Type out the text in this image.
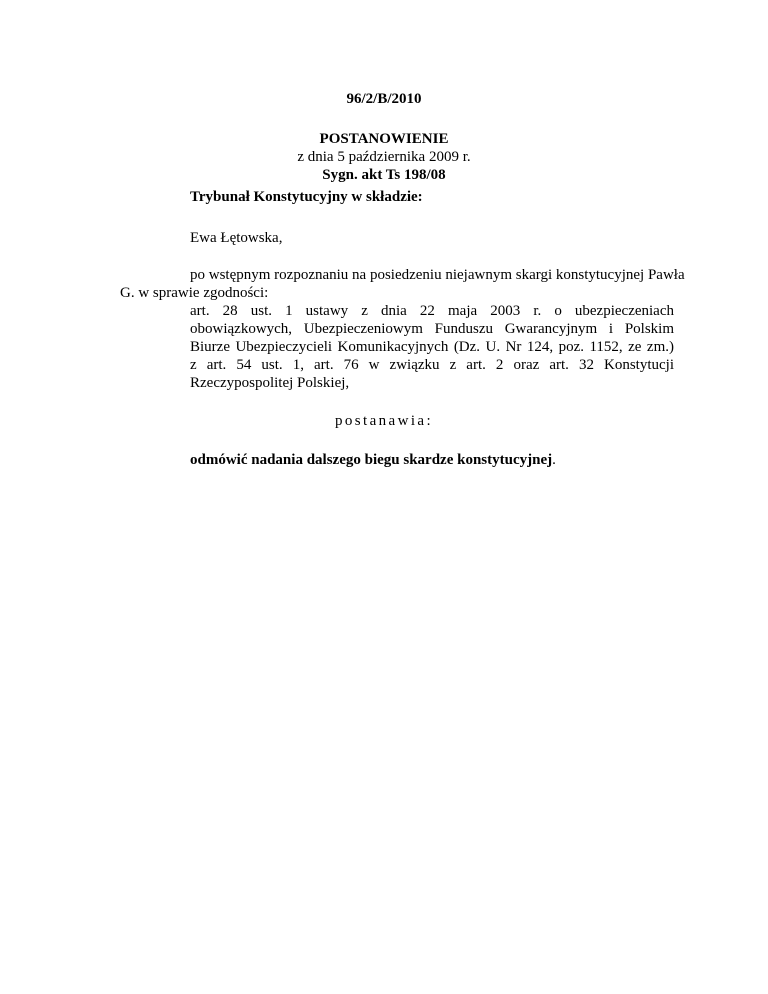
96/2/B/2010
POSTANOWIENIE
z dnia 5 października 2009 r.
Sygn. akt Ts 198/08
Trybunał Konstytucyjny w składzie:
Ewa Łętowska,
po wstępnym rozpoznaniu na posiedzeniu niejawnym skargi konstytucyjnej Pawła
G. w sprawie zgodności:
art. 28 ust. 1 ustawy z dnia 22 maja 2003 r. o ubezpieczeniach
obowiązkowych, Ubezpieczeniowym Funduszu Gwarancyjnym i Polskim
Biurze Ubezpieczycieli Komunikacyjnych (Dz. U. Nr 124, poz. 1152, ze zm.)
z art. 54 ust. 1, art. 76 w związku z art. 2 oraz art. 32 Konstytucji
Rzeczypospolitej Polskiej,
postanawia:
odmówić nadania dalszego biegu skardze konstytucyjnej.
